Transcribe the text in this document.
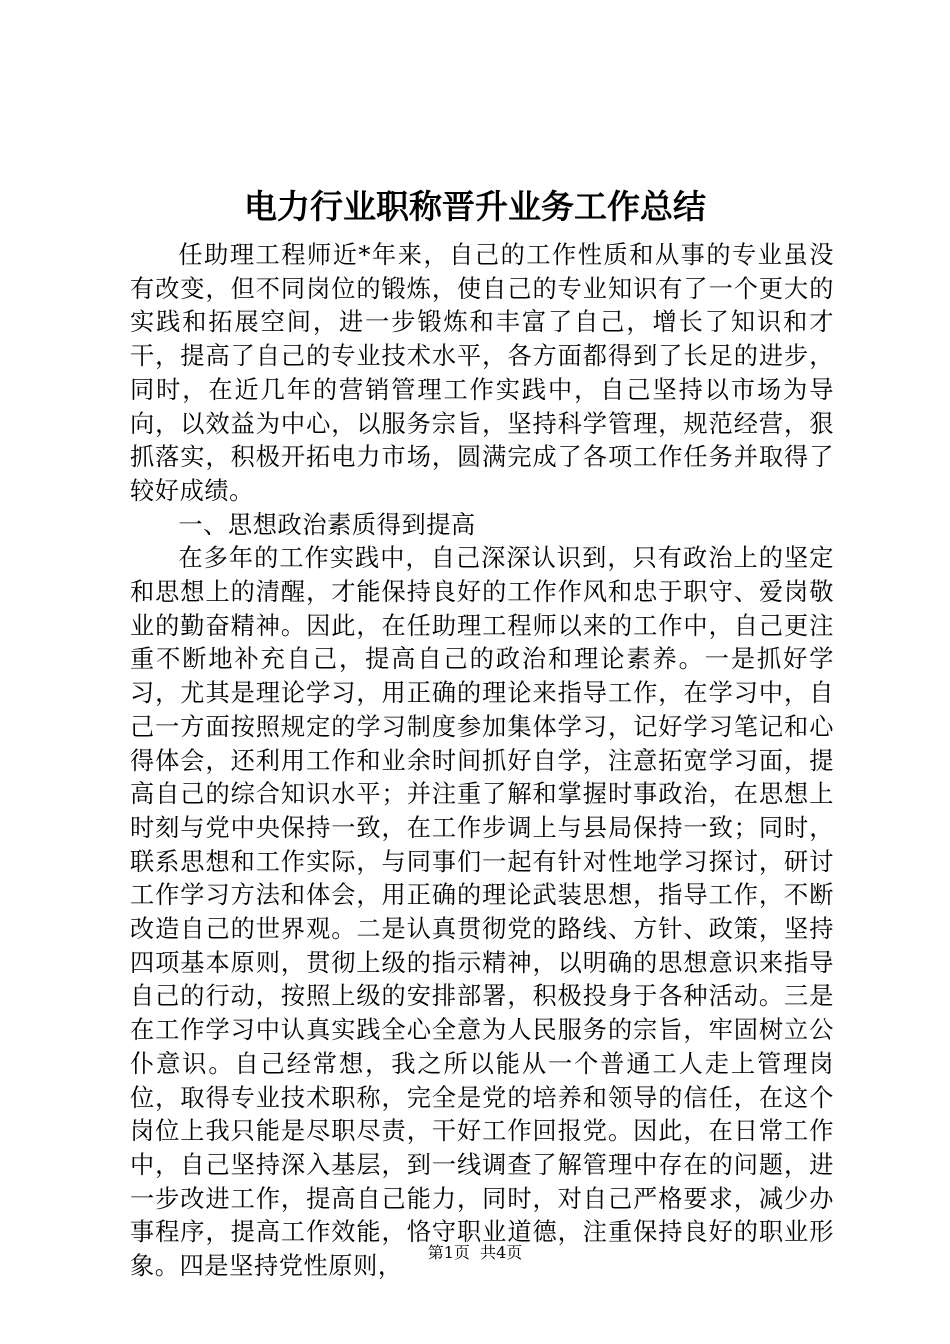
电力行业职称晋升业务工作总结

任助理工程师近*年来，自己的工作性质和从事的专业虽没有改变，但不同岗位的锻炼，使自己的专业知识有了一个更大的实践和拓展空间，进一步锻炼和丰富了自己，增长了知识和才干，提高了自己的专业技术水平，各方面都得到了长足的进步，同时，在近几年的营销管理工作实践中，自己坚持以市场为导向，以效益为中心，以服务宗旨，坚持科学管理，规范经营，狠抓落实，积极开拓电力市场，圆满完成了各项工作任务并取得了较好成绩。

一、思想政治素质得到提高

在多年的工作实践中，自己深深认识到，只有政治上的坚定和思想上的清醒，才能保持良好的工作作风和忠于职守、爱岗敬业的勤奋精神。因此，在任助理工程师以来的工作中，自己更注重不断地补充自己，提高自己的政治和理论素养。一是抓好学习，尤其是理论学习，用正确的理论来指导工作，在学习中，自己一方面按照规定的学习制度参加集体学习，记好学习笔记和心得体会，还利用工作和业余时间抓好自学，注意拓宽学习面，提高自己的综合知识水平；并注重了解和掌握时事政治，在思想上时刻与党中央保持一致，在工作步调上与县局保持一致；同时，联系思想和工作实际，与同事们一起有针对性地学习探讨，研讨工作学习方法和体会，用正确的理论武装思想，指导工作，不断改造自己的世界观。二是认真贯彻党的路线、方针、政策，坚持四项基本原则，贯彻上级的指示精神，以明确的思想意识来指导自己的行动，按照上级的安排部署，积极投身于各种活动。三是在工作学习中认真实践全心全意为人民服务的宗旨，牢固树立公仆意识。自己经常想，我之所以能从一个普通工人走上管理岗位，取得专业技术职称，完全是党的培养和领导的信任，在这个岗位上我只能是尽职尽责，干好工作回报党。因此，在日常工作中，自己坚持深入基层，到一线调查了解管理中存在的问题，进一步改进工作，提高自己能力，同时，对自己严格要求，减少办事程序，提高工作效能，恪守职业道德，注重保持良好的职业形象。四是坚持党性原则，	第1页 共4页
